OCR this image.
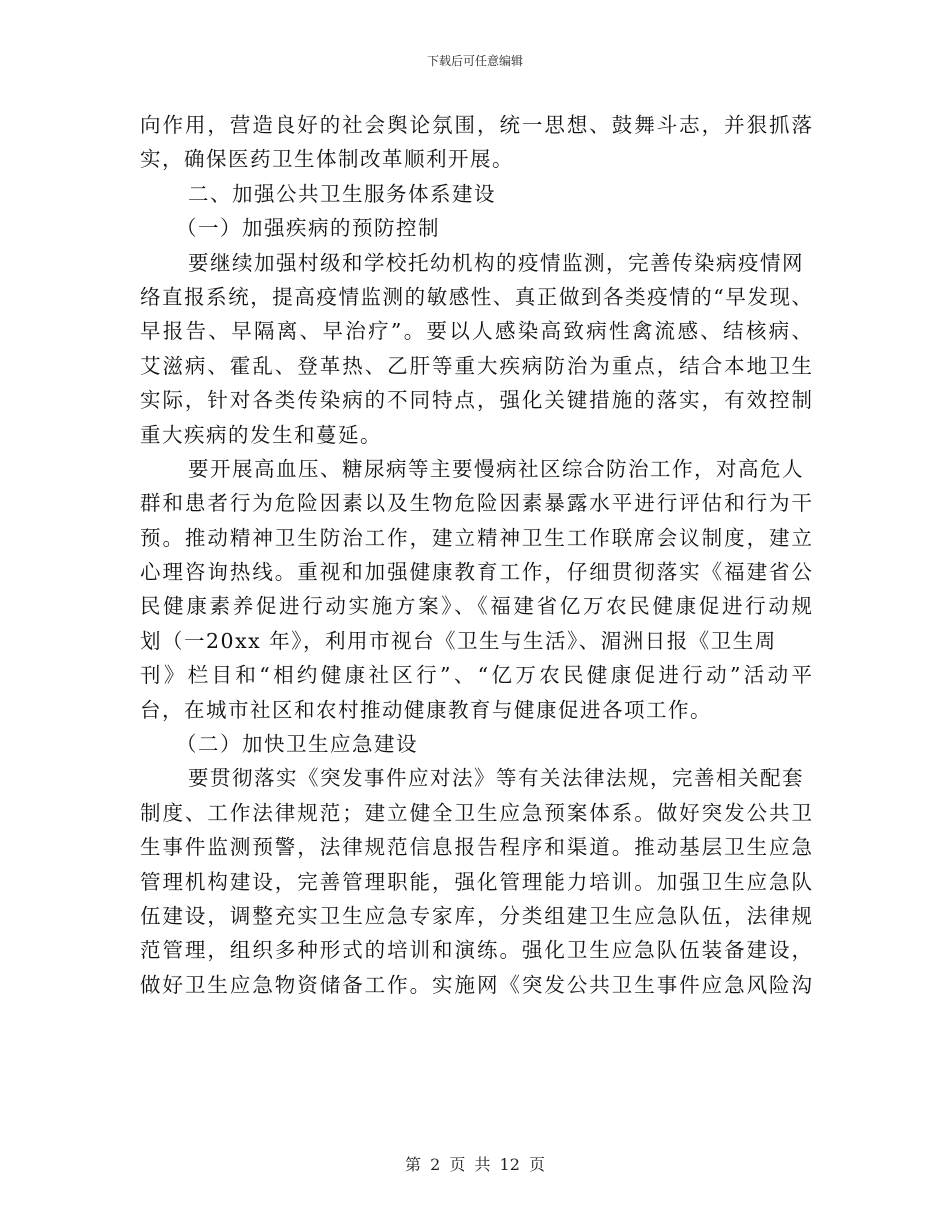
下载后可任意编辑
向作用，营造良好的社会舆论氛围，统一思想、鼓舞斗志，并狠抓落
实，确保医药卫生体制改革顺利开展。
二、加强公共卫生服务体系建设
（一）加强疾病的预防控制
要继续加强村级和学校托幼机构的疫情监测，完善传染病疫情网
络直报系统，提高疫情监测的敏感性、真正做到各类疫情的“早发现、
早报告、早隔离、早治疗”。要以人感染高致病性禽流感、结核病、
艾滋病、霍乱、登革热、乙肝等重大疾病防治为重点，结合本地卫生
实际，针对各类传染病的不同特点，强化关键措施的落实，有效控制
重大疾病的发生和蔓延。
要开展高血压、糖尿病等主要慢病社区综合防治工作，对高危人
群和患者行为危险因素以及生物危险因素暴露水平进行评估和行为干
预。推动精神卫生防治工作，建立精神卫生工作联席会议制度，建立
心理咨询热线。重视和加强健康教育工作，仔细贯彻落实《福建省公
民健康素养促进行动实施方案》、《福建省亿万农民健康促进行动规
划（一20xx 年》，利用市视台《卫生与生活》、湄洲日报《卫生周
刊》栏目和“相约健康社区行”、“亿万农民健康促进行动”活动平
台，在城市社区和农村推动健康教育与健康促进各项工作。
（二）加快卫生应急建设
要贯彻落实《突发事件应对法》等有关法律法规，完善相关配套
制度、工作法律规范；建立健全卫生应急预案体系。做好突发公共卫
生事件监测预警，法律规范信息报告程序和渠道。推动基层卫生应急
管理机构建设，完善管理职能，强化管理能力培训。加强卫生应急队
伍建设，调整充实卫生应急专家库，分类组建卫生应急队伍，法律规
范管理，组织多种形式的培训和演练。强化卫生应急队伍装备建设，
做好卫生应急物资储备工作。实施网《突发公共卫生事件应急风险沟
第 2 页 共 12 页
